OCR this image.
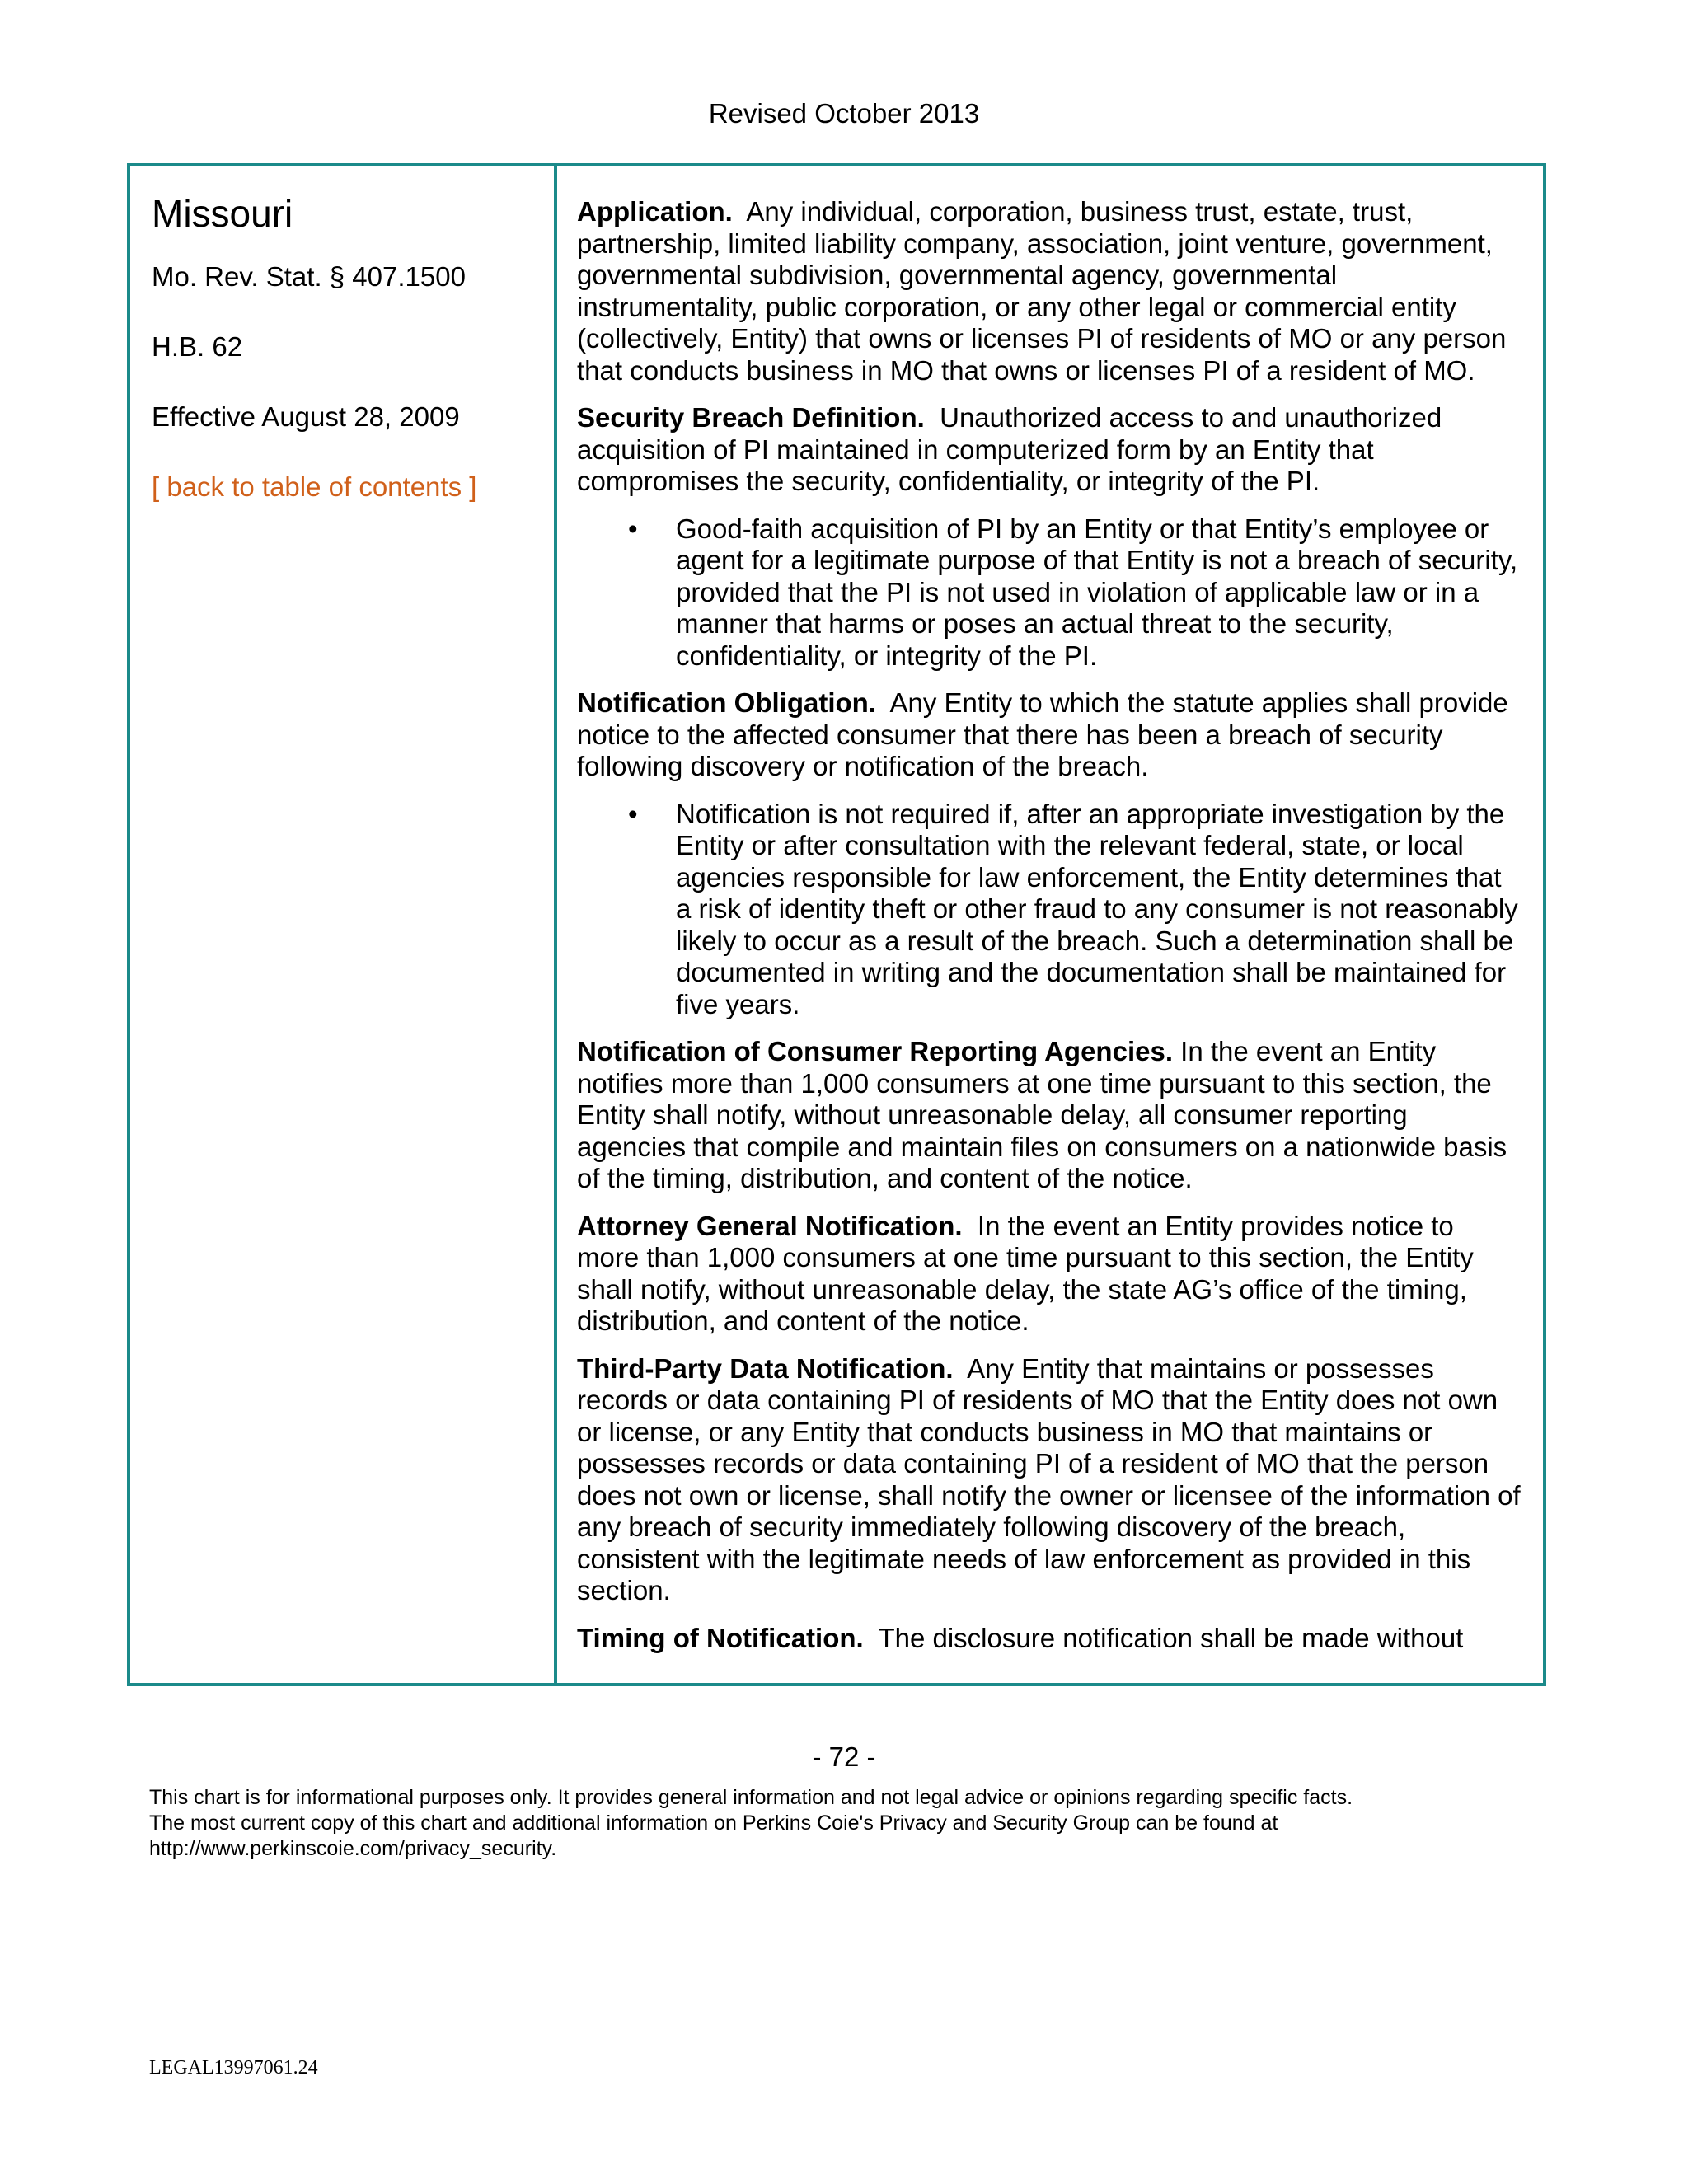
Revised October 2013
Missouri
Mo. Rev. Stat. § 407.1500
H.B. 62
Effective August 28, 2009
[ back to table of contents ]

Application. Any individual, corporation, business trust, estate, trust, partnership, limited liability company, association, joint venture, government, governmental subdivision, governmental agency, governmental instrumentality, public corporation, or any other legal or commercial entity (collectively, Entity) that owns or licenses PI of residents of MO or any person that conducts business in MO that owns or licenses PI of a resident of MO.

Security Breach Definition. Unauthorized access to and unauthorized acquisition of PI maintained in computerized form by an Entity that compromises the security, confidentiality, or integrity of the PI.

• Good-faith acquisition of PI by an Entity or that Entity’s employee or agent for a legitimate purpose of that Entity is not a breach of security, provided that the PI is not used in violation of applicable law or in a manner that harms or poses an actual threat to the security, confidentiality, or integrity of the PI.

Notification Obligation. Any Entity to which the statute applies shall provide notice to the affected consumer that there has been a breach of security following discovery or notification of the breach.

• Notification is not required if, after an appropriate investigation by the Entity or after consultation with the relevant federal, state, or local agencies responsible for law enforcement, the Entity determines that a risk of identity theft or other fraud to any consumer is not reasonably likely to occur as a result of the breach. Such a determination shall be documented in writing and the documentation shall be maintained for five years.

Notification of Consumer Reporting Agencies. In the event an Entity notifies more than 1,000 consumers at one time pursuant to this section, the Entity shall notify, without unreasonable delay, all consumer reporting agencies that compile and maintain files on consumers on a nationwide basis of the timing, distribution, and content of the notice.

Attorney General Notification. In the event an Entity provides notice to more than 1,000 consumers at one time pursuant to this section, the Entity shall notify, without unreasonable delay, the state AG’s office of the timing, distribution, and content of the notice.

Third-Party Data Notification. Any Entity that maintains or possesses records or data containing PI of residents of MO that the Entity does not own or license, or any Entity that conducts business in MO that maintains or possesses records or data containing PI of a resident of MO that the person does not own or license, shall notify the owner or licensee of the information of any breach of security immediately following discovery of the breach, consistent with the legitimate needs of law enforcement as provided in this section.

Timing of Notification. The disclosure notification shall be made without

- 72 -
This chart is for informational purposes only. It provides general information and not legal advice or opinions regarding specific facts.
The most current copy of this chart and additional information on Perkins Coie's Privacy and Security Group can be found at
http://www.perkinscoie.com/privacy_security.
LEGAL13997061.24
